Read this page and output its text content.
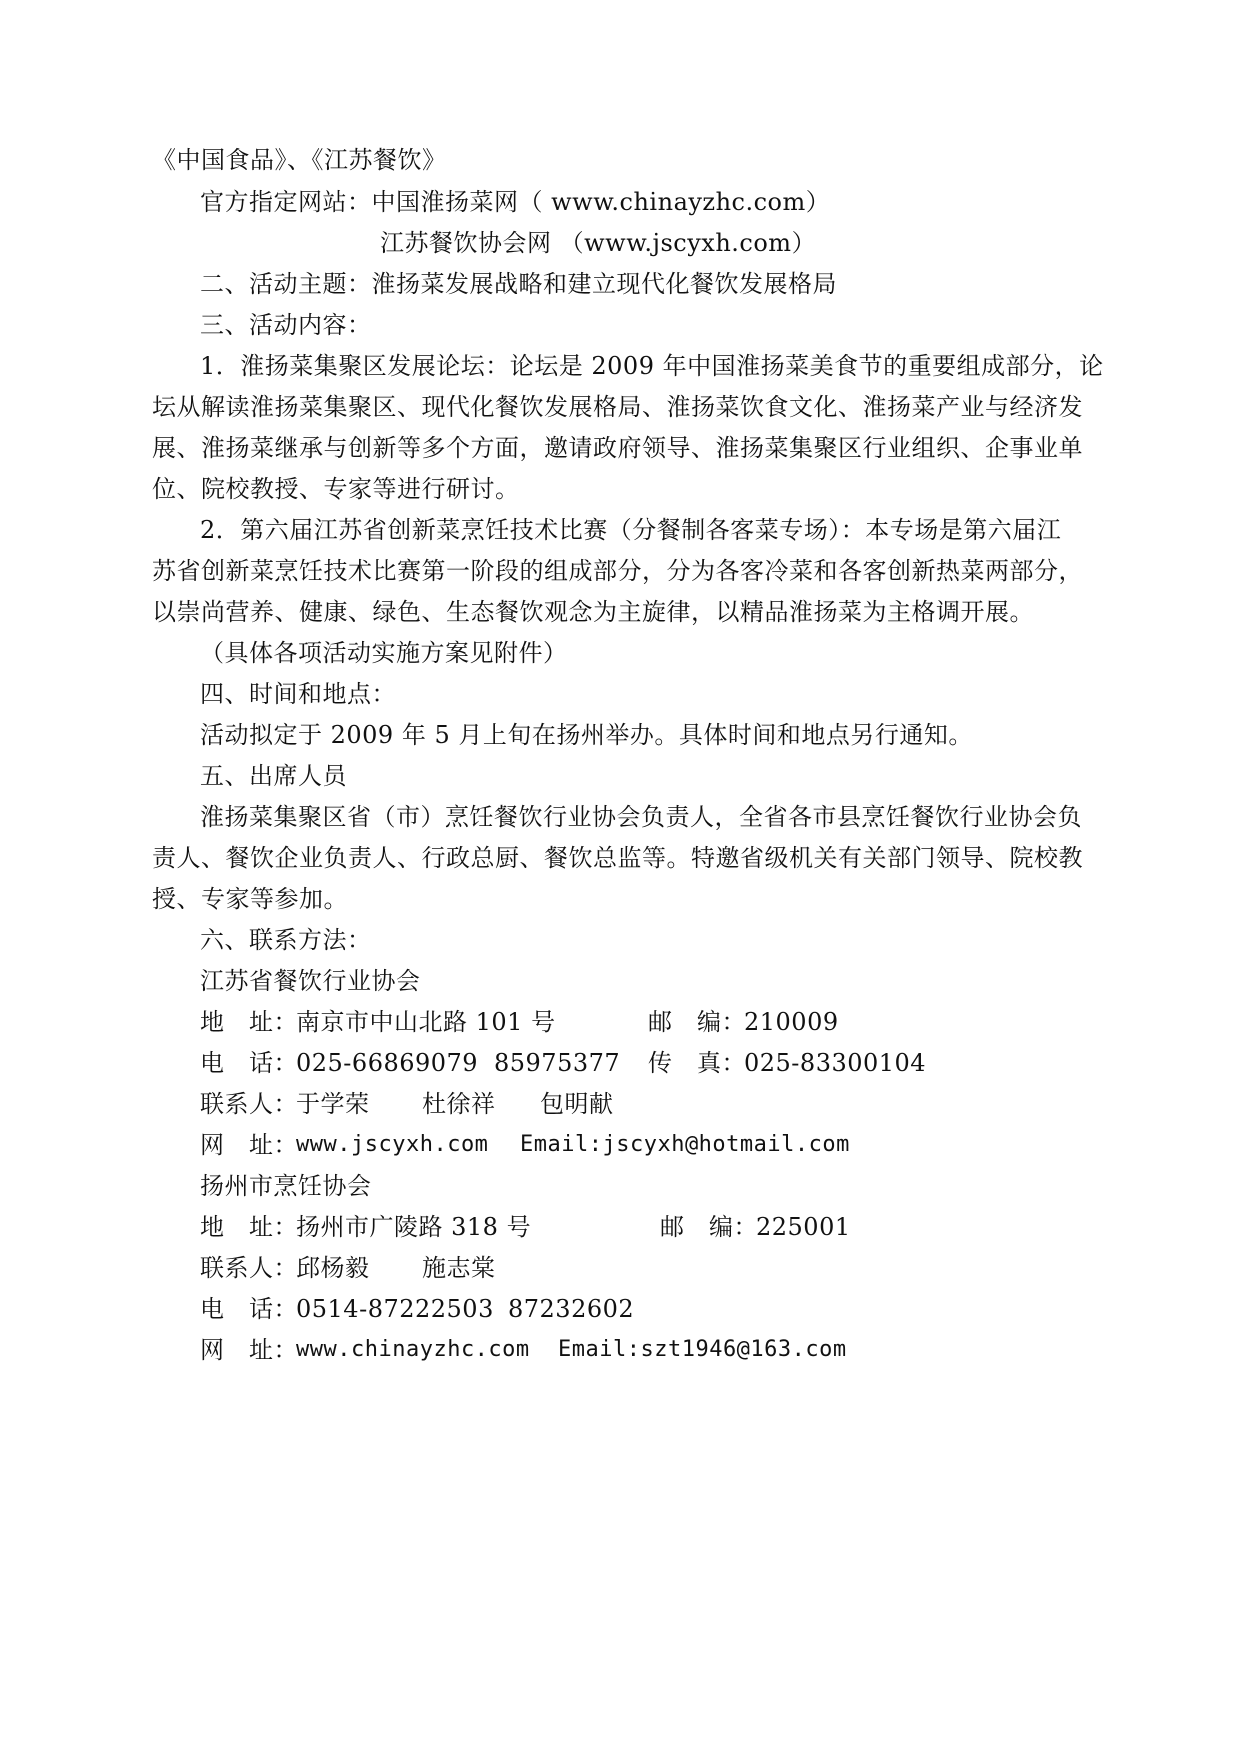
《中国食品》、《江苏餐饮》
官方指定网站：中国淮扬菜网（ www.chinayzhc.com）
江苏餐饮协会网 （www.jscyxh.com）
二、活动主题：淮扬菜发展战略和建立现代化餐饮发展格局
三、活动内容：
1．淮扬菜集聚区发展论坛：论坛是 2009 年中国淮扬菜美食节的重要组成部分，论
坛从解读淮扬菜集聚区、现代化餐饮发展格局、淮扬菜饮食文化、淮扬菜产业与经济发
展、淮扬菜继承与创新等多个方面，邀请政府领导、淮扬菜集聚区行业组织、企事业单
位、院校教授、专家等进行研讨。
2．第六届江苏省创新菜烹饪技术比赛（分餐制各客菜专场）：本专场是第六届江
苏省创新菜烹饪技术比赛第一阶段的组成部分，分为各客冷菜和各客创新热菜两部分，
以崇尚营养、健康、绿色、生态餐饮观念为主旋律，以精品淮扬菜为主格调开展。
（具体各项活动实施方案见附件）
四、时间和地点：
活动拟定于 2009 年 5 月上旬在扬州举办。具体时间和地点另行通知。
五、出席人员
淮扬菜集聚区省（市）烹饪餐饮行业协会负责人，全省各市县烹饪餐饮行业协会负
责人、餐饮企业负责人、行政总厨、餐饮总监等。特邀省级机关有关部门领导、院校教
授、专家等参加。
六、联系方法：
江苏省餐饮行业协会
地　址：
南京市中山北路 101 号	邮　编：
210009
电　话：
025-66869079 85975377 传　真：
025-83300104
联系人：
于学荣 杜徐祥 包明献
网　址：
www.jscyxh.com Email:jscyxh@hotmail.com
扬州市烹饪协会
地　址：
扬州市广陵路 318 号	邮　编：
225001
联系人：
邱杨毅 施志棠
电　话：
0514-87222503 87232602
网　址：
www.chinayzhc.com Email:szt1946@163.com
